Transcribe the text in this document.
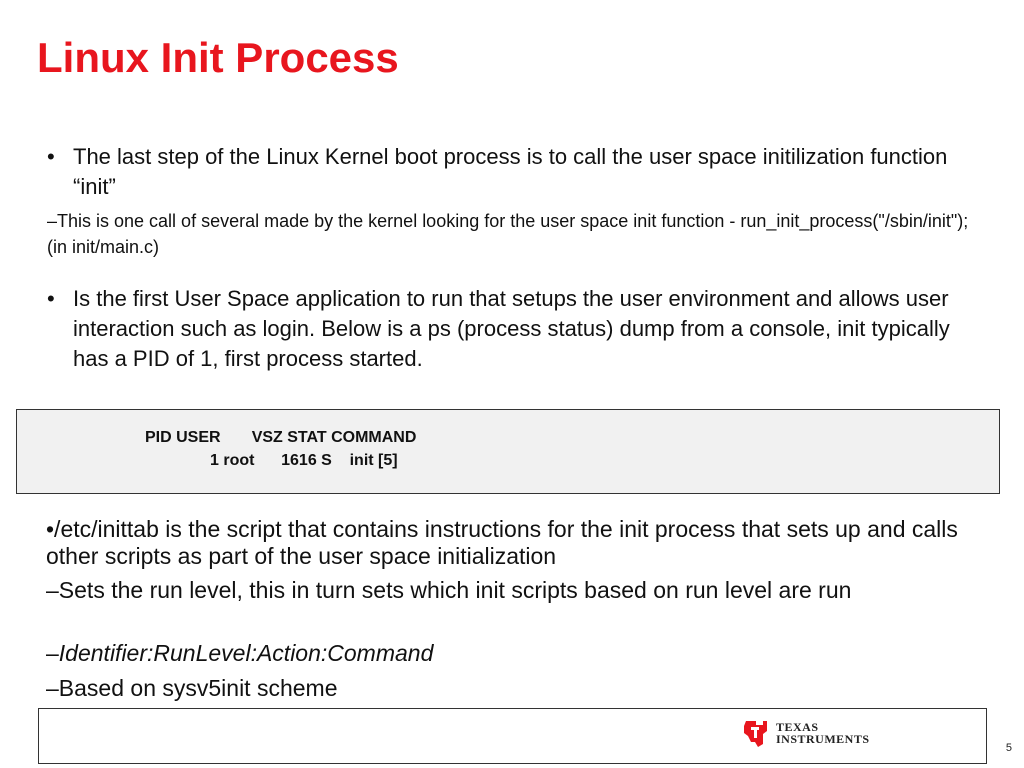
Linux Init Process
• The last step of the Linux Kernel boot process is to call the user space initilization function “init”
–This is one call of several made by the kernel looking for the user space init function - run_init_process("/sbin/init"); (in init/main.c)
• Is the first User Space application to run that setups the user environment and allows user interaction such as login. Below is a ps (process status) dump from a console, init typically has a PID of 1, first process started.
PID USER       VSZ STAT COMMAND
1 root      1616 S    init [5]
•/etc/inittab is the script that contains instructions for the init process that sets up and calls other scripts as part of the user space initialization
–Sets the run level, this in turn sets which init scripts based on run level are run
–Identifier:RunLevel:Action:Command
–Based on sysv5init scheme
TEXAS
INSTRUMENTS
5
